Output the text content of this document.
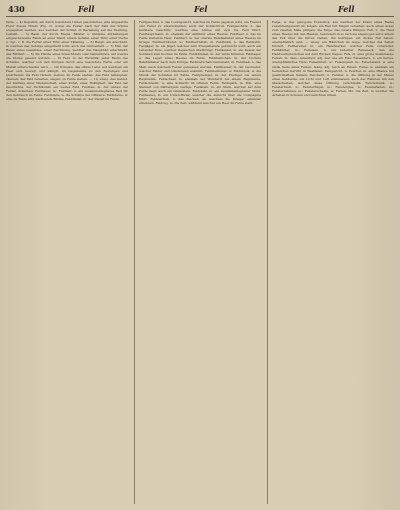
430	Fell	Fel	Fell

felde. — 4) Deputirn, ein durch besondere Linien gesondertes, eine abgesetzte Figur dieses Thiers (Fig. 2), wobei die Felder nach der Zahl der Stücke angegeben werden, aus welchen der Schild, in Beziehung auf die Theilung, besteht. — 5) Bauk. der durch Riegel, Bänder u. ähnliche Abtheilungen eingeschlossene Raum an einer Wand, einem Getäfel, einer Thür, einer Decke u. dgl., z. B. die Felder einer Thür, einer Täfelung. — 6) Bergb. ein Abschnitt, in welchen das Gebirge eingetheilt wird; auch das Grubenfeld. — 7) Mal. der Raum eines Gemäldes, einer Zeichnung, welcher das Hauptbild einschließt; das Bildfeld. — 8) die Fläche eines Schachbrets oder Damenbrets, auf welche die Steine gesetzt werden. — 9) Feld, in der Heraldik, jeder Raum des Schildes, welcher von den übrigen durch eine besondere Farbe oder ein Metall unterschieden wird. — 10) Kriegsw. das offene Land, auf welchem ein Heer sich bewegt und kämpft, im Gegensatze zu den Festungen und Quartieren; ins Feld rücken, ziehen; im Felde stehen; das Feld behaupten, räumen; das Feld behalten, siegen; zu Felde ziehen. — 11) uneig. das Gebiet, der Umfang einer Wissenschaft, einer Kunst, einer Thätigkeit: das Feld der Geschichte, der Dichtkunst; ein weites Feld. Feldbau, m. der Anbau der Felder, Ackerbau; Feldbauer, m.; Feldbett, n. ein zusammenlegbares Bett für den Gebrauch im Felde; Feldbinde, w. die Schärpe der Offiziere; Feldblume, w. eine im Felde wild wachsende Blume; Felddienst, m. der Dienst im Felde.

Feldgeschrei, n. das Losungswort, welches im Felde gegeben wird, um Freund und Feind zu unterscheiden; auch der Schlachtruf. Feldgeschütz, n. das leichtere Geschütz, welches eine Armee mit sich ins Feld führt. Feldhauptmann, m. ehemals der Anführer eines Heeres. Feldheer, n. das im Felde stehende Heer. Feldherr, m. der oberste Befehlshaber eines Heeres im Kriege; Feldherrnkunst, w.; Feldherrnstab, m. Feldhuhn, n. das Rebhuhn. Feldjäger, m. ein Jäger, welcher zum Kriegsdienste gebraucht wird; auch ein reitender Bote, welcher Depeschen überbringt. Feldkessel, m. ein Kessel der Soldaten zum Kochen im Felde. Feldkümmel, m. der wilde Kümmel. Feldlager, n. das Lager eines Heeres im Felde. Feldmarschall, m. der höchste Befehlshaber nach dem Könige; Feldmarschall-Lieutenant, m. Feldmaß, n. das Maß, nach welchem Felder gemessen werden. Feldmesser, m. der Geometer, welcher Felder und Ländereien ausmißt; Feldmeßkunst, w. Feldmusik, w. die Musik der Soldaten im Felde. Feldprediger, m. der Prediger bei einem Regimente. Feldscheer, m. ehemals der Wundarzt bei einem Regimente. Feldschlacht, w. eine Schlacht im offenen Felde. Feldspath, m. Min. eine Steinart von blätterigem Gefüge. Feldstein, m. ein Stein, welcher auf dem Felde liegt; auch ein Grenzstein. Feldstuhl, m. ein zusammenlegbarer Stuhl. Feldwebel, m. ein Unteroffizier, welcher die Aufsicht über die Compagnie führt. Feldzeichen, n. das Zeichen, an welchem die Krieger einander erkennen. Feldzug, m. die Zeit, während welcher ein Heer im Felde steht.

Felge, w. das gebogene Holzstück, aus welchen der Kranz eines Rades zusammengesetzt ist; felgen, ein Rad mit Felgen versehen; auch einen Acker zum zweiten Male pflügen; die Felge, das zweite Pflügen. Fell, n. die Haut eines Thieres mit den Haaren, besonders in so fern sie abgezogen wird; einem das Fell über die Ohren ziehen, ihn betrügen; ein dickes Fell haben, unempfindlich sein. — uneig. ein Häutchen im Auge, welches das Sehen hindert. Fellbereiter, m. ein Handwerker, welcher Felle zubereitet; Fellhändler, m.; Felleisen, n. ein lederner Reisesack, den die Handwerksburschen auf dem Rücken tragen. Fels, m. eine große Steinmasse; Felsen, m. dass.; felsenfest, adj. fest wie ein Fels; Felsenherz, n. ein hartes, unempfindliches Herz; Felsenkluft, w.; Felsenquell, m.; Felsenwand, w. eine steile Seite eines Felsen; felsig, adj. reich an Felsen. Feme, w. ehemals ein heimliches Gericht in Westfalen; Femgericht, n. Fenchel, m. eine Pflanze mit gewürzhaftem Samen; Fenchelöl, n. Fenster, n. die Öffnung in der Mauer eines Gebäudes, um Licht und Luft einzulassen; auch der Rahmen mit den Glasscheiben, welcher diese Öffnung verschließt; Fensterbank, w.; Fensterbrett, n.; Fensterflügel, m.; Fensterglas, n.; Fensterladen, m.; Fensterrahmen, m.; Fensterscheibe, w. Ferien, Mz. die Zeit, in welcher die Arbeiten in Schulen und Gerichten ruhen.
